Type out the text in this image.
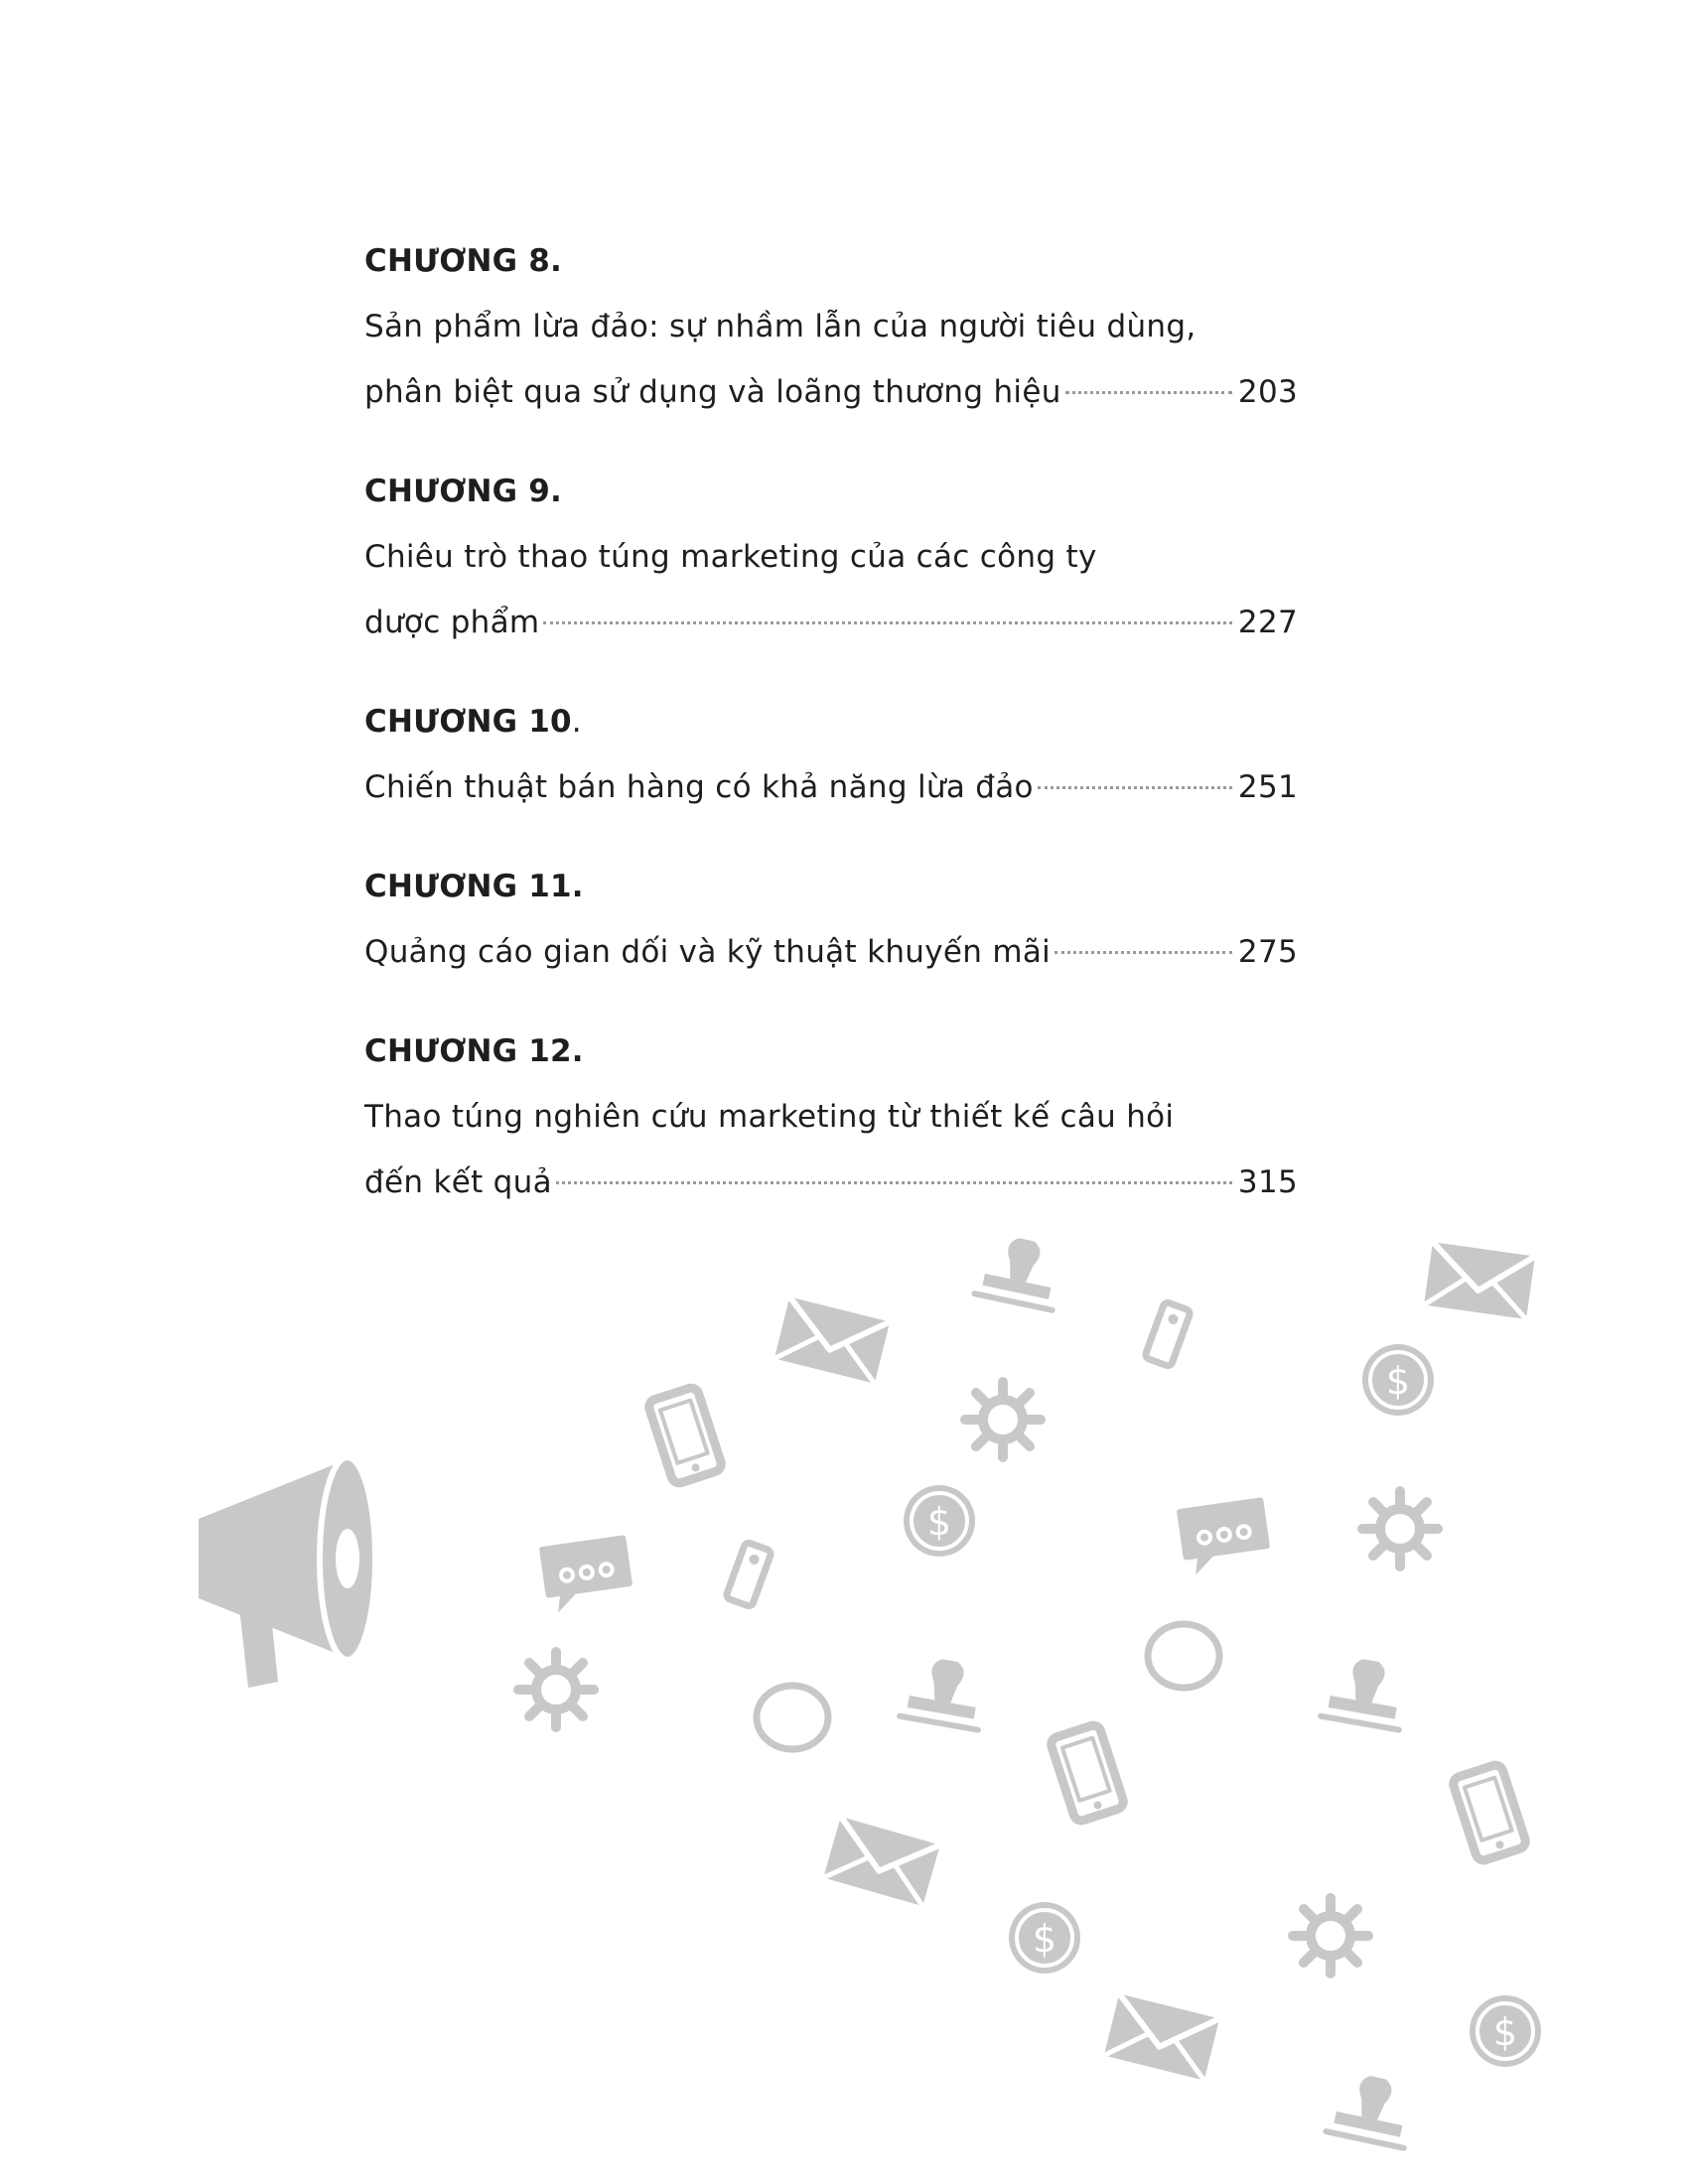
CHƯƠNG 8.
Sản phẩm lừa đảo: sự nhầm lẫn của người tiêu dùng,
phân biệt qua sử dụng và loãng thương hiệu	203
CHƯƠNG 9.
Chiêu trò thao túng marketing của các công ty
dược phẩm	227
CHƯƠNG 10.
Chiến thuật bán hàng có khả năng lừa đảo	251
CHƯƠNG 11.
Quảng cáo gian dối và kỹ thuật khuyến mãi	275
CHƯƠNG 12.
Thao túng nghiên cứu marketing từ thiết kế câu hỏi
đến kết quả	315
$
